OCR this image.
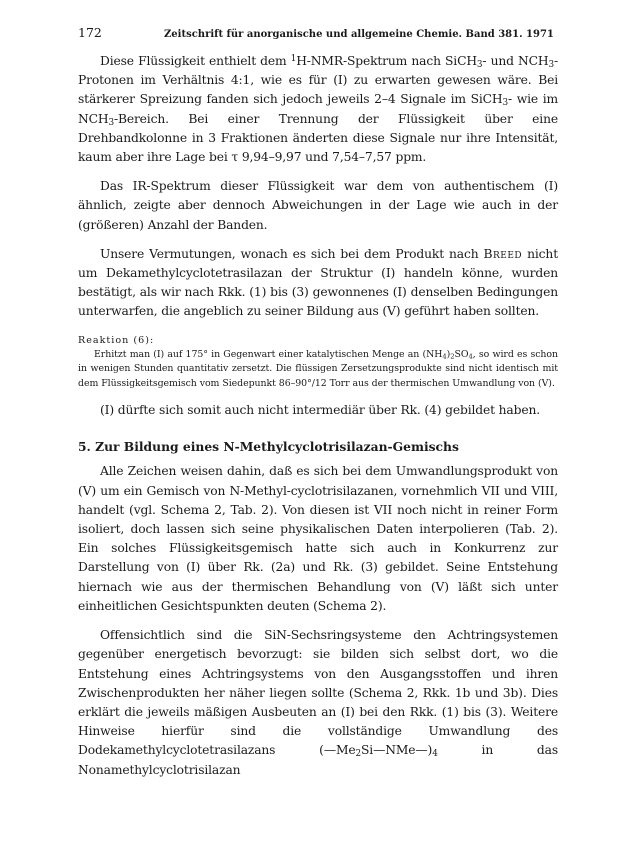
172	Zeitschrift für anorganische und allgemeine Chemie. Band 381. 1971

Diese Flüssigkeit enthielt dem $^1$H-NMR-Spektrum nach SiCH$_3$- und $NCH_3$-Protonen im Verhältnis 4:1, wie es für (I) zu erwarten gewesen wäre. Bei stärkerer Spreizung fanden sich jedoch jeweils 2–4 Signale im SiCH$_3$- wie im $NCH_3$-Bereich. Bei einer Trennung der Flüssigkeit über eine Drehbandkolonne in 3 Fraktionen änderten diese Signale nur ihre Intensität, kaum aber ihre Lage bei τ 9,94–9,97 und 7,54–7,57 ppm.

Das IR-Spektrum dieser Flüssigkeit war dem von authentischem (I) ähnlich, zeigte aber dennoch Abweichungen in der Lage wie auch in der (größeren) Anzahl der Banden.

Unsere Vermutungen, wonach es sich bei dem Produkt nach Breed nicht um Dekamethylcyclotetrasilazan der Struktur (I) handeln könne, wurden bestätigt, als wir nach Rkk. (1) bis (3) gewonnenes (I) denselben Bedingungen unterwarfen, die angeblich zu seiner Bildung aus (V) geführt haben sollten.

Reaktion (6):
Erhitzt man (I) auf 175° in Gegenwart einer katalytischen Menge an $(NH_4)_2SO_4$, so wird es schon in wenigen Stunden quantitativ zersetzt. Die flüssigen Zersetzungsprodukte sind nicht identisch mit dem Flüssigkeitsgemisch vom Siedepunkt 86–90°/12 Torr aus der thermischen Umwandlung von (V).

(I) dürfte sich somit auch nicht intermediär über Rk. (4) gebildet haben.

5. Zur Bildung eines N-Methylcyclotrisilazan-Gemischs

Alle Zeichen weisen dahin, daß es sich bei dem Umwandlungsprodukt von (V) um ein Gemisch von N-Methyl-cyclotrisilazanen, vornehmlich VII und VIII, handelt (vgl. Schema 2, Tab. 2). Von diesen ist VII noch nicht in reiner Form isoliert, doch lassen sich seine physikalischen Daten interpolieren (Tab. 2). Ein solches Flüssigkeitsgemisch hatte sich auch in Konkurrenz zur Darstellung von (I) über Rk. (2a) und Rk. (3) gebildet. Seine Entstehung hiernach wie aus der thermischen Behandlung von (V) läßt sich unter einheitlichen Gesichtspunkten deuten (Schema 2).

Offensichtlich sind die SiN-Sechsringsysteme den Achtringsystemen gegenüber energetisch bevorzugt: sie bilden sich selbst dort, wo die Entstehung eines Achtringsystems von den Ausgangsstoffen und ihren Zwischenprodukten her näher liegen sollte (Schema 2, Rkk. 1b und 3b). Dies erklärt die jeweils mäßigen Ausbeuten an (I) bei den Rkk. (1) bis (3). Weitere Hinweise hierfür sind die vollständige Umwandlung des Dodekamethylcyclotetrasilazans $(—Me_2Si—NMe—)_4$ in das Nonamethylcyclotrisilazan
